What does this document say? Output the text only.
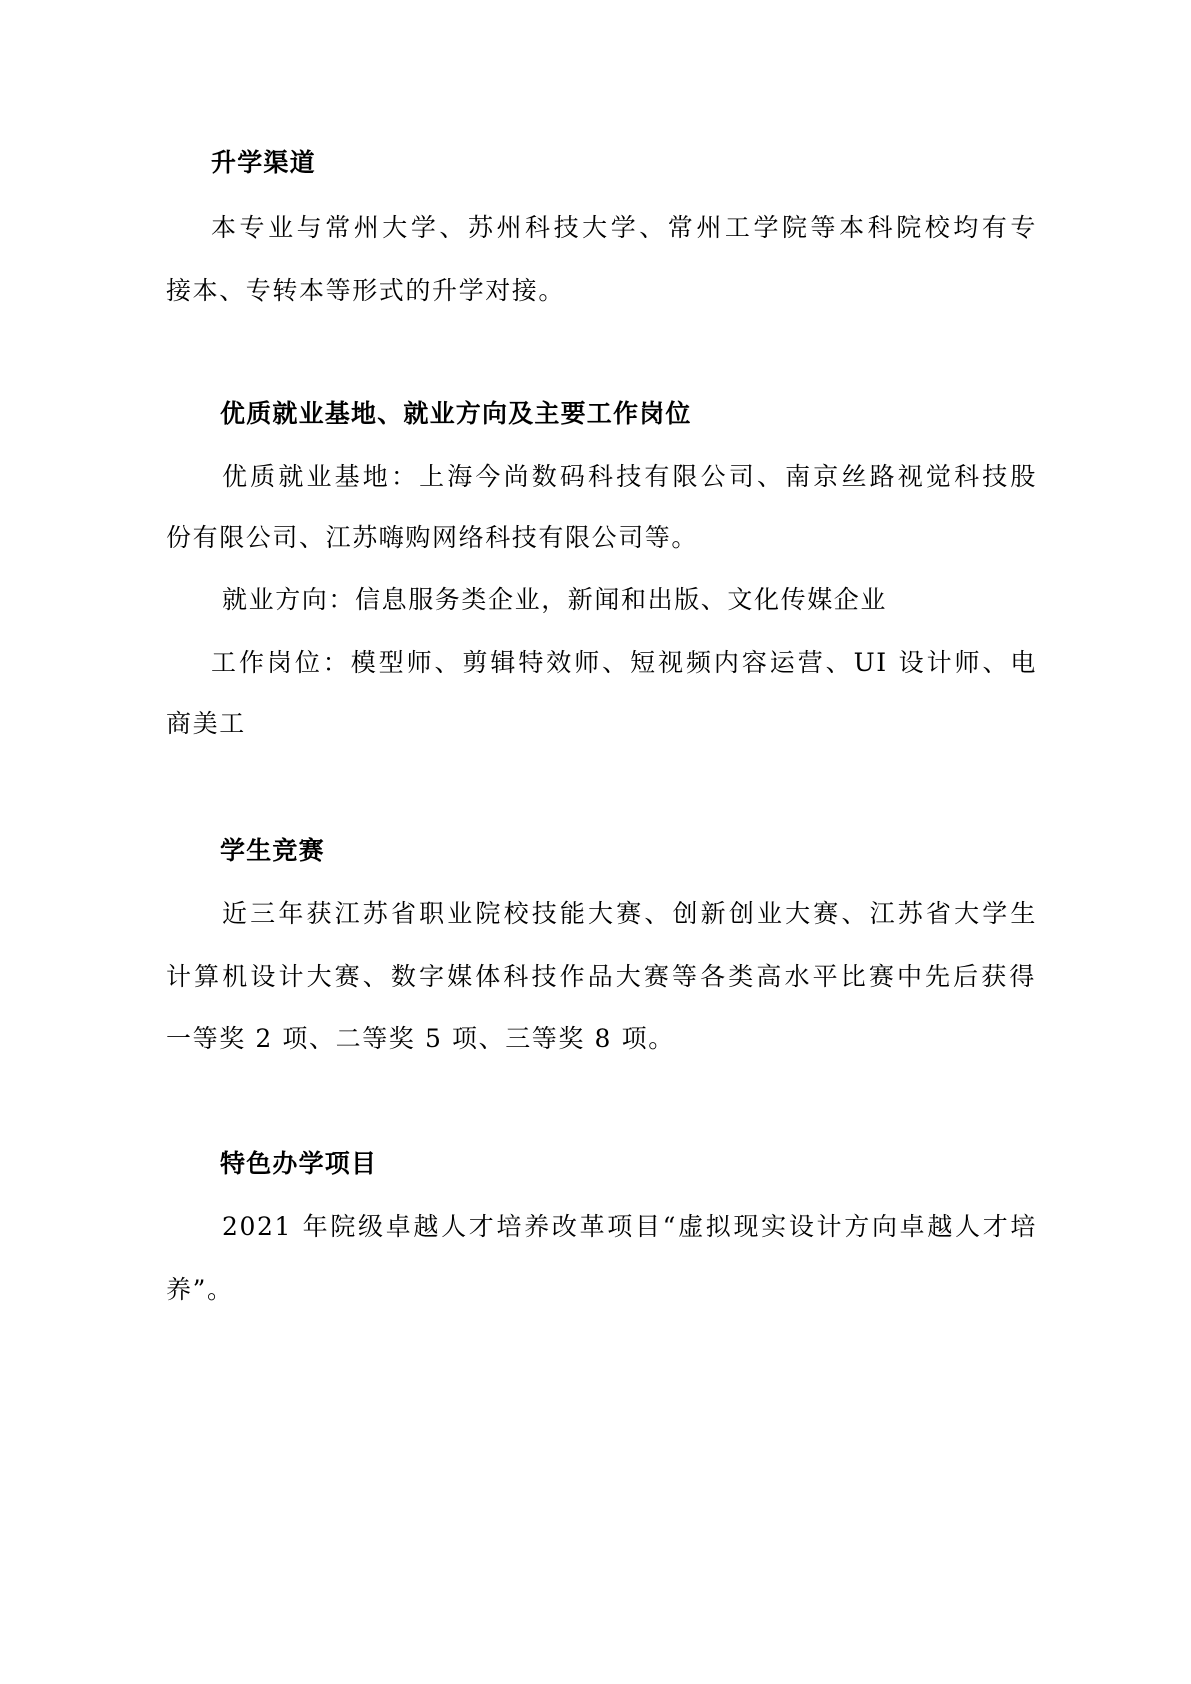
升学渠道
本专业与常州大学、苏州科技大学、常州工学院等本科院校均有专
接本、专转本等形式的升学对接。
优质就业基地、就业方向及主要工作岗位
优质就业基地：上海今尚数码科技有限公司、南京丝路视觉科技股
份有限公司、江苏嗨购网络科技有限公司等。
就业方向：信息服务类企业，新闻和出版、文化传媒企业
工作岗位：模型师、剪辑特效师、短视频内容运营、UI 设计师、电
商美工
学生竞赛
近三年获江苏省职业院校技能大赛、创新创业大赛、江苏省大学生
计算机设计大赛、数字媒体科技作品大赛等各类高水平比赛中先后获得
一等奖 2 项、二等奖 5 项、三等奖 8 项。
特色办学项目
2021 年院级卓越人才培养改革项目“虚拟现实设计方向卓越人才培
养”。
